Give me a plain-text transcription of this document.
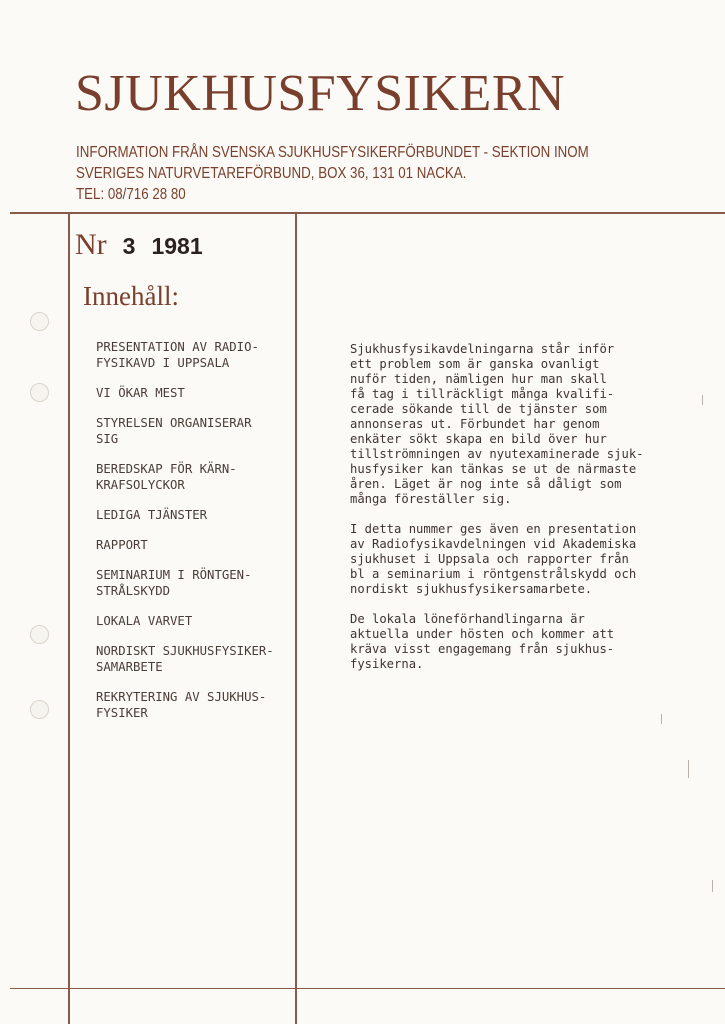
SJUKHUSFYSIKERN
INFORMATION FRÅN SVENSKA SJUKHUSFYSIKERFÖRBUNDET - SEKTION INOM
SVERIGES NATURVETAREFÖRBUND, BOX 36, 131 01 NACKA.
TEL: 08/716 28 80
Nr 3 1981
Innehåll:
PRESENTATION AV RADIO-
FYSIKAVD I UPPSALA
VI ÖKAR MEST
STYRELSEN ORGANISERAR
SIG
BEREDSKAP FÖR KÄRN-
KRAFSOLYCKOR
LEDIGA TJÄNSTER
RAPPORT
SEMINARIUM I RÖNTGEN-
STRÅLSKYDD
LOKALA VARVET
NORDISKT SJUKHUSFYSIKER-
SAMARBETE
REKRYTERING AV SJUKHUS-
FYSIKER

Sjukhusfysikavdelningarna står inför
ett problem som är ganska ovanligt
nuför tiden, nämligen hur man skall
få tag i tillräckligt många kvalifi-
cerade sökande till de tjänster som
annonseras ut. Förbundet har genom
enkäter sökt skapa en bild över hur
tillströmningen av nyutexaminerade sjuk-
husfysiker kan tänkas se ut de närmaste
åren. Läget är nog inte så dåligt som
många föreställer sig.

I detta nummer ges även en presentation
av Radiofysikavdelningen vid Akademiska
sjukhuset i Uppsala och rapporter från
bl a seminarium i röntgenstrålskydd och
nordiskt sjukhusfysikersamarbete.

De lokala löneförhandlingarna är
aktuella under hösten och kommer att
kräva visst engagemang från sjukhus-
fysikerna.
